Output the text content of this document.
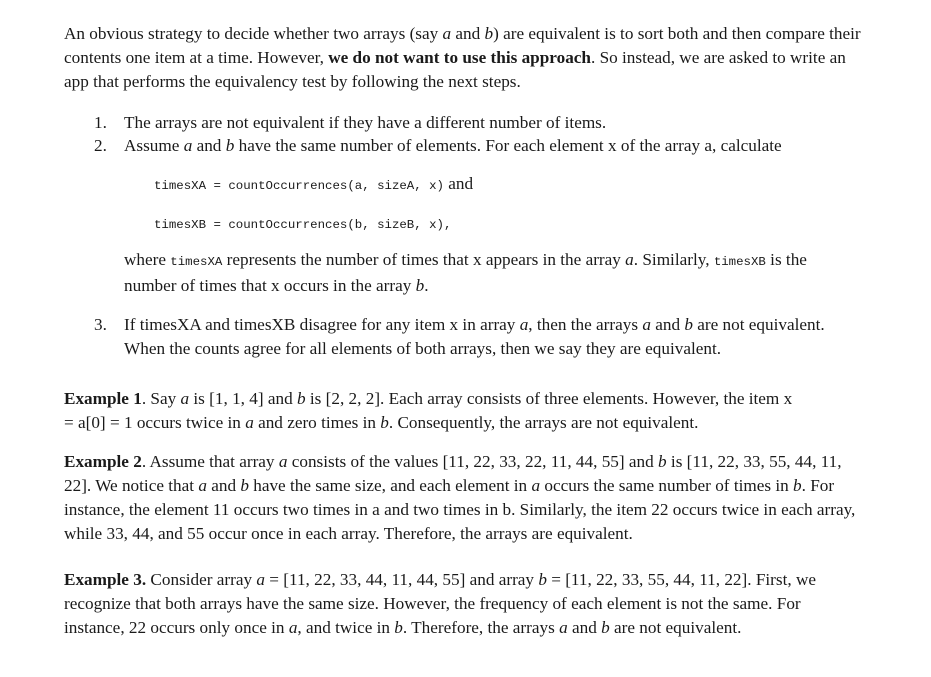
An obvious strategy to decide whether two arrays (say a and b) are equivalent is to sort both and then compare their contents one item at a time. However, we do not want to use this approach. So instead, we are asked to write an app that performs the equivalency test by following the next steps.

1. The arrays are not equivalent if they have a different number of items.
2. Assume a and b have the same number of elements. For each element x of the array a, calculate
timesXA = countOccurrences(a, sizeA, x) and
timesXB = countOccurrences(b, sizeB, x),

where timesXA represents the number of times that x appears in the array a. Similarly, timesXB is the number of times that x occurs in the array b.

3. If timesXA and timesXB disagree for any item x in array a, then the arrays a and b are not equivalent. When the counts agree for all elements of both arrays, then we say they are equivalent.

Example 1. Say a is [1, 1, 4] and b is [2, 2, 2]. Each array consists of three elements. However, the item x = a[0] = 1 occurs twice in a and zero times in b. Consequently, the arrays are not equivalent.

Example 2. Assume that array a consists of the values [11, 22, 33, 22, 11, 44, 55] and b is [11, 22, 33, 55, 44, 11, 22]. We notice that a and b have the same size, and each element in a occurs the same number of times in b. For instance, the element 11 occurs two times in a and two times in b. Similarly, the item 22 occurs twice in each array, while 33, 44, and 55 occur once in each array. Therefore, the arrays are equivalent.

Example 3. Consider array a = [11, 22, 33, 44, 11, 44, 55] and array b = [11, 22, 33, 55, 44, 11, 22]. First, we recognize that both arrays have the same size. However, the frequency of each element is not the same. For instance, 22 occurs only once in a, and twice in b. Therefore, the arrays a and b are not equivalent.
